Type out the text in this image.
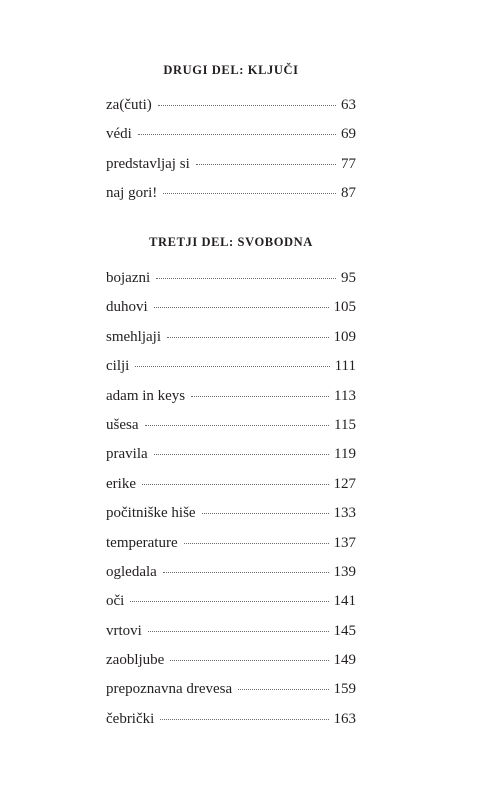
DRUGI DEL: KLJUČI
za(čuti)	63
védi	69
predstavljaj si	77
naj gori!	87
TRETJI DEL: SVOBODNA
bojazni	95
duhovi	105
smehljaji	109
cilji	111
adam in keys	113
ušesa	115
pravila	119
erike	127
počitniške hiše	133
temperature	137
ogledala	139
oči	141
vrtovi	145
zaobljube	149
prepoznavna drevesa	159
čebrički	163
